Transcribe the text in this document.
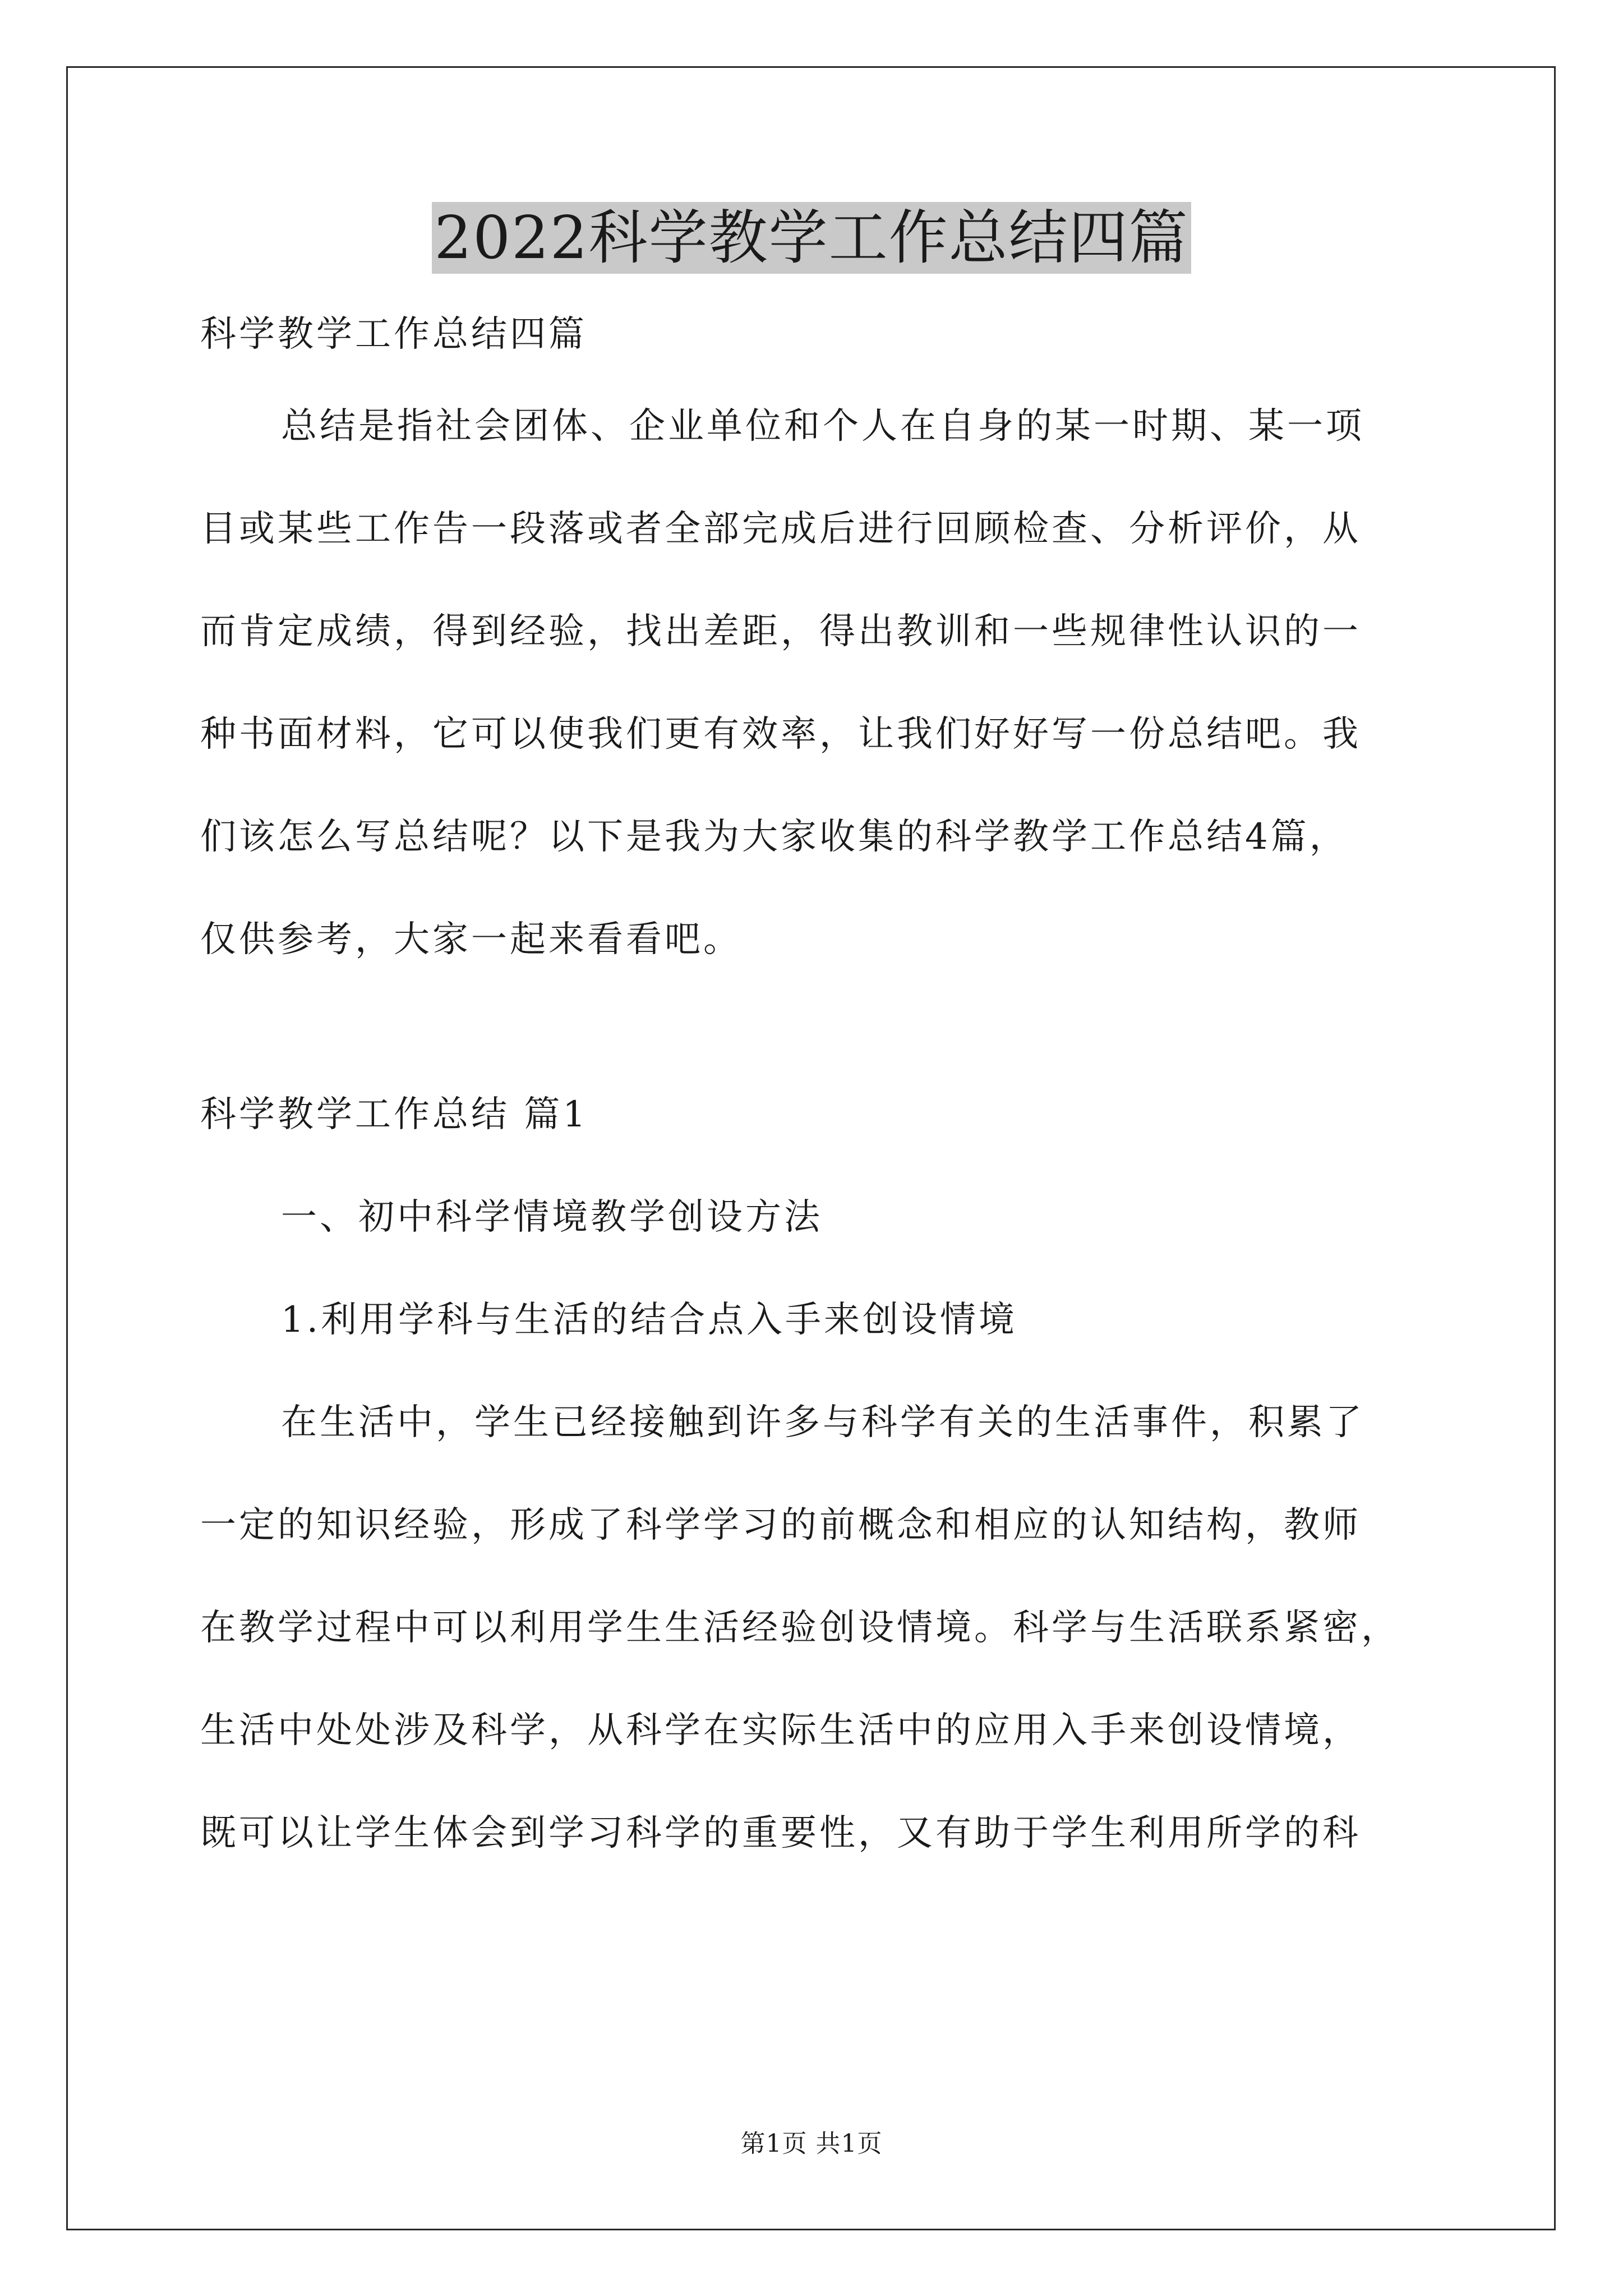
2022科学教学工作总结四篇

科学教学工作总结四篇

总结是指社会团体、企业单位和个人在自身的某一时期、某一项

目或某些工作告一段落或者全部完成后进行回顾检查、分析评价，从

而肯定成绩，得到经验，找出差距，得出教训和一些规律性认识的一

种书面材料，它可以使我们更有效率，让我们好好写一份总结吧。我

们该怎么写总结呢？以下是我为大家收集的科学教学工作总结4篇，

仅供参考，大家一起来看看吧。

科学教学工作总结 篇1

一、初中科学情境教学创设方法

1.利用学科与生活的结合点入手来创设情境

在生活中，学生已经接触到许多与科学有关的生活事件，积累了

一定的知识经验，形成了科学学习的前概念和相应的认知结构，教师

在教学过程中可以利用学生生活经验创设情境。科学与生活联系紧密，

生活中处处涉及科学，从科学在实际生活中的应用入手来创设情境，

既可以让学生体会到学习科学的重要性，又有助于学生利用所学的科

第1页 共1页
